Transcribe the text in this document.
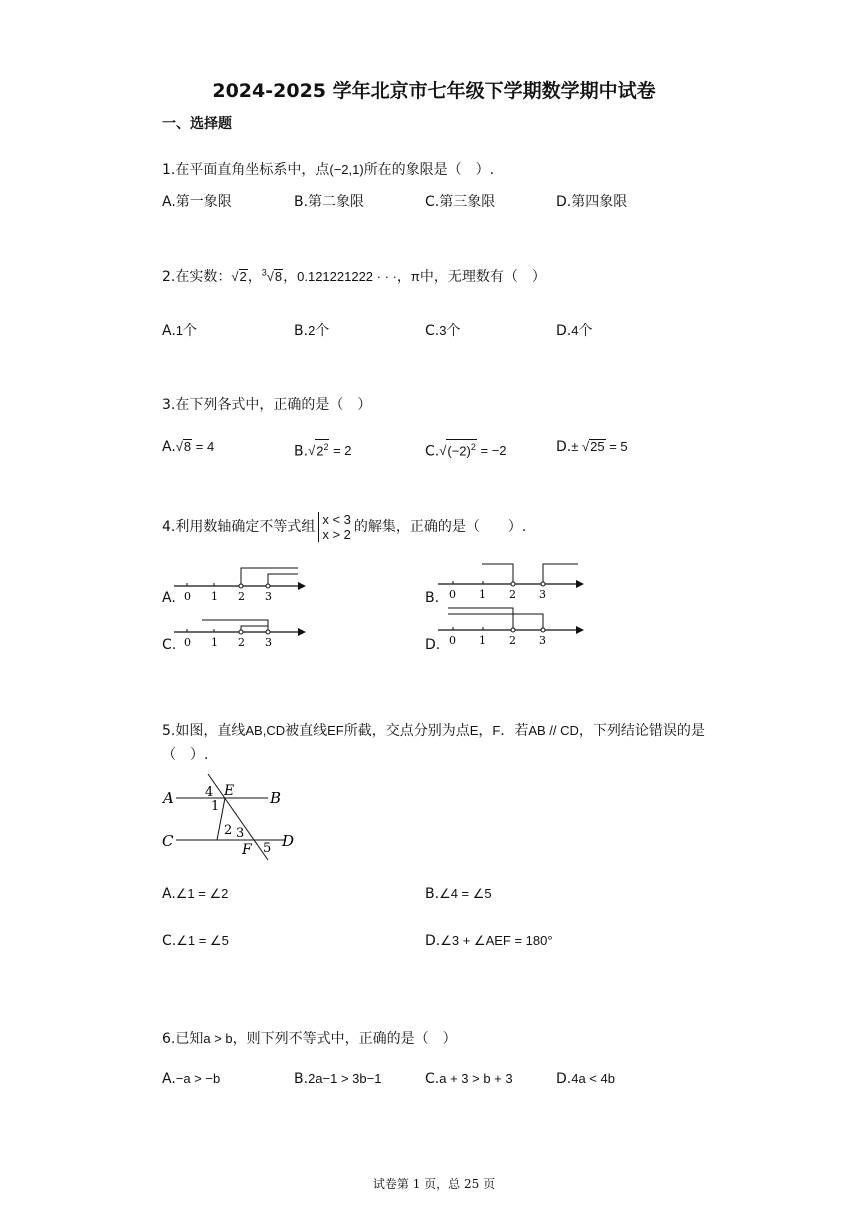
2024-2025 学年北京市七年级下学期数学期中试卷
一、选择题
1.在平面直角坐标系中，点(−2,1)所在的象限是（　）.
A.第一象限	B.第二象限	C.第三象限	D.第四象限
2.在实数：√2，$^3$√8，0.121221222 · · ·，π中，无理数有（　）
A.1个	B.2个	C.3个	D.4个
3.在下列各式中，正确的是（　）
A.√8 = 4	$B.√2^2 = 2$	$C.√(-2)^2 = -2$	D.± √25 = 5
4.利用数轴确定不等式组 x < 3
x > 2 的解集，正确的是（　　）.
A.	B.
C.	D.
0 1 2 3	0 1 2 3
0 1 2 3	0 1 2 3
5.如图，直线AB,CD被直线EF所截，交点分别为点E，F．若AB // CD，下列结论错误的是
（　）.
A	B
C	D
E
F
4
1
2 3
5
A.∠1 = ∠2	B.∠4 = ∠5
C.∠1 = ∠5	D.∠3 + ∠AEF = 180°
6.已知a > b，则下列不等式中，正确的是（　）
A.−a > −b	B.2a−1 > 3b−1	C.a + 3 > b + 3	D.4a < 4b
试卷第 1 页，总 25 页
